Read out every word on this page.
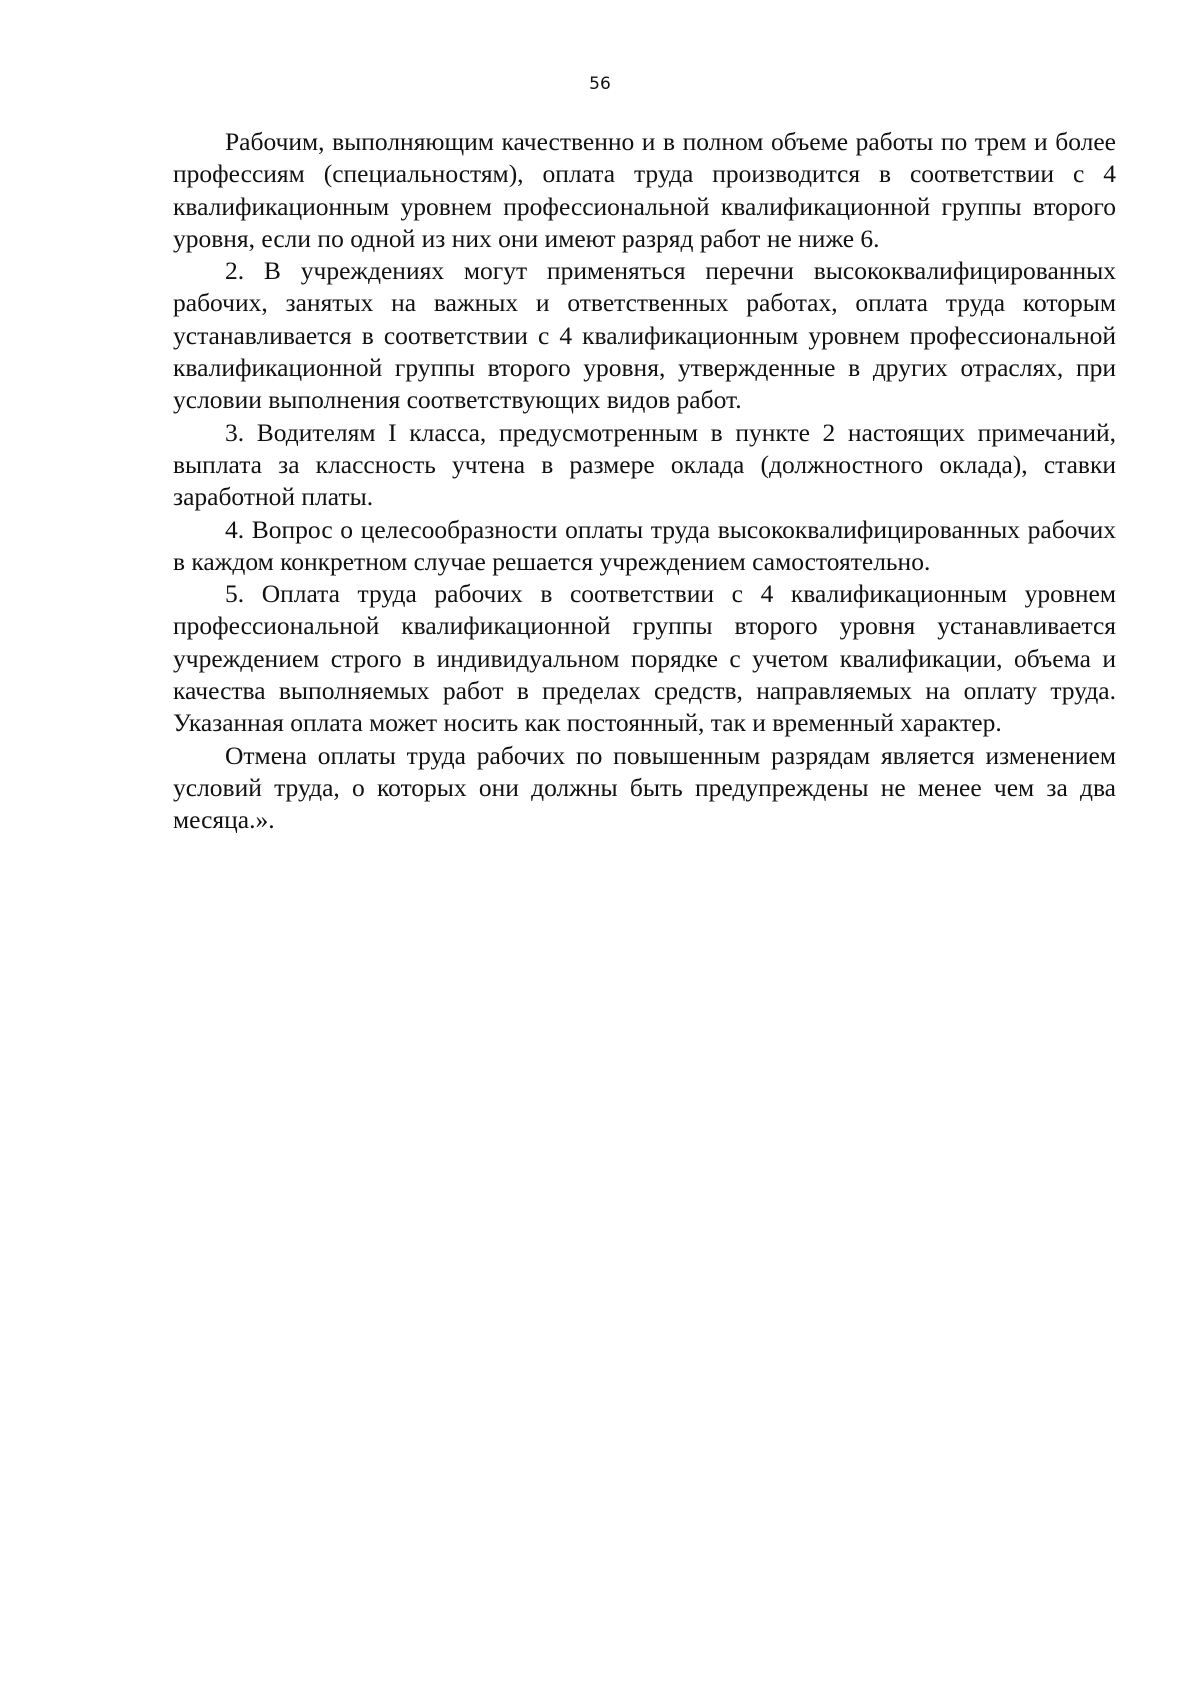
56

Рабочим, выполняющим качественно и в полном объеме работы по трем и более профессиям (специальностям), оплата труда производится в соответствии с 4 квалификационным уровнем профессиональной квалификационной группы второго уровня, если по одной из них они имеют разряд работ не ниже 6.

2. В учреждениях могут применяться перечни высококвалифицированных рабочих, занятых на важных и ответственных работах, оплата труда которым устанавливается в соответствии с 4 квалификационным уровнем профессиональной квалификационной группы второго уровня, утвержденные в других отраслях, при условии выполнения соответствующих видов работ.

3. Водителям I класса, предусмотренным в пункте 2 настоящих примечаний, выплата за классность учтена в размере оклада (должностного оклада), ставки заработной платы.

4. Вопрос о целесообразности оплаты труда высококвалифицированных рабочих в каждом конкретном случае решается учреждением самостоятельно.

5. Оплата труда рабочих в соответствии с 4 квалификационным уровнем профессиональной квалификационной группы второго уровня устанавливается учреждением строго в индивидуальном порядке с учетом квалификации, объема и качества выполняемых работ в пределах средств, направляемых на оплату труда. Указанная оплата может носить как постоянный, так и временный характер.

Отмена оплаты труда рабочих по повышенным разрядам является изменением условий труда, о которых они должны быть предупреждены не менее чем за два месяца.».
